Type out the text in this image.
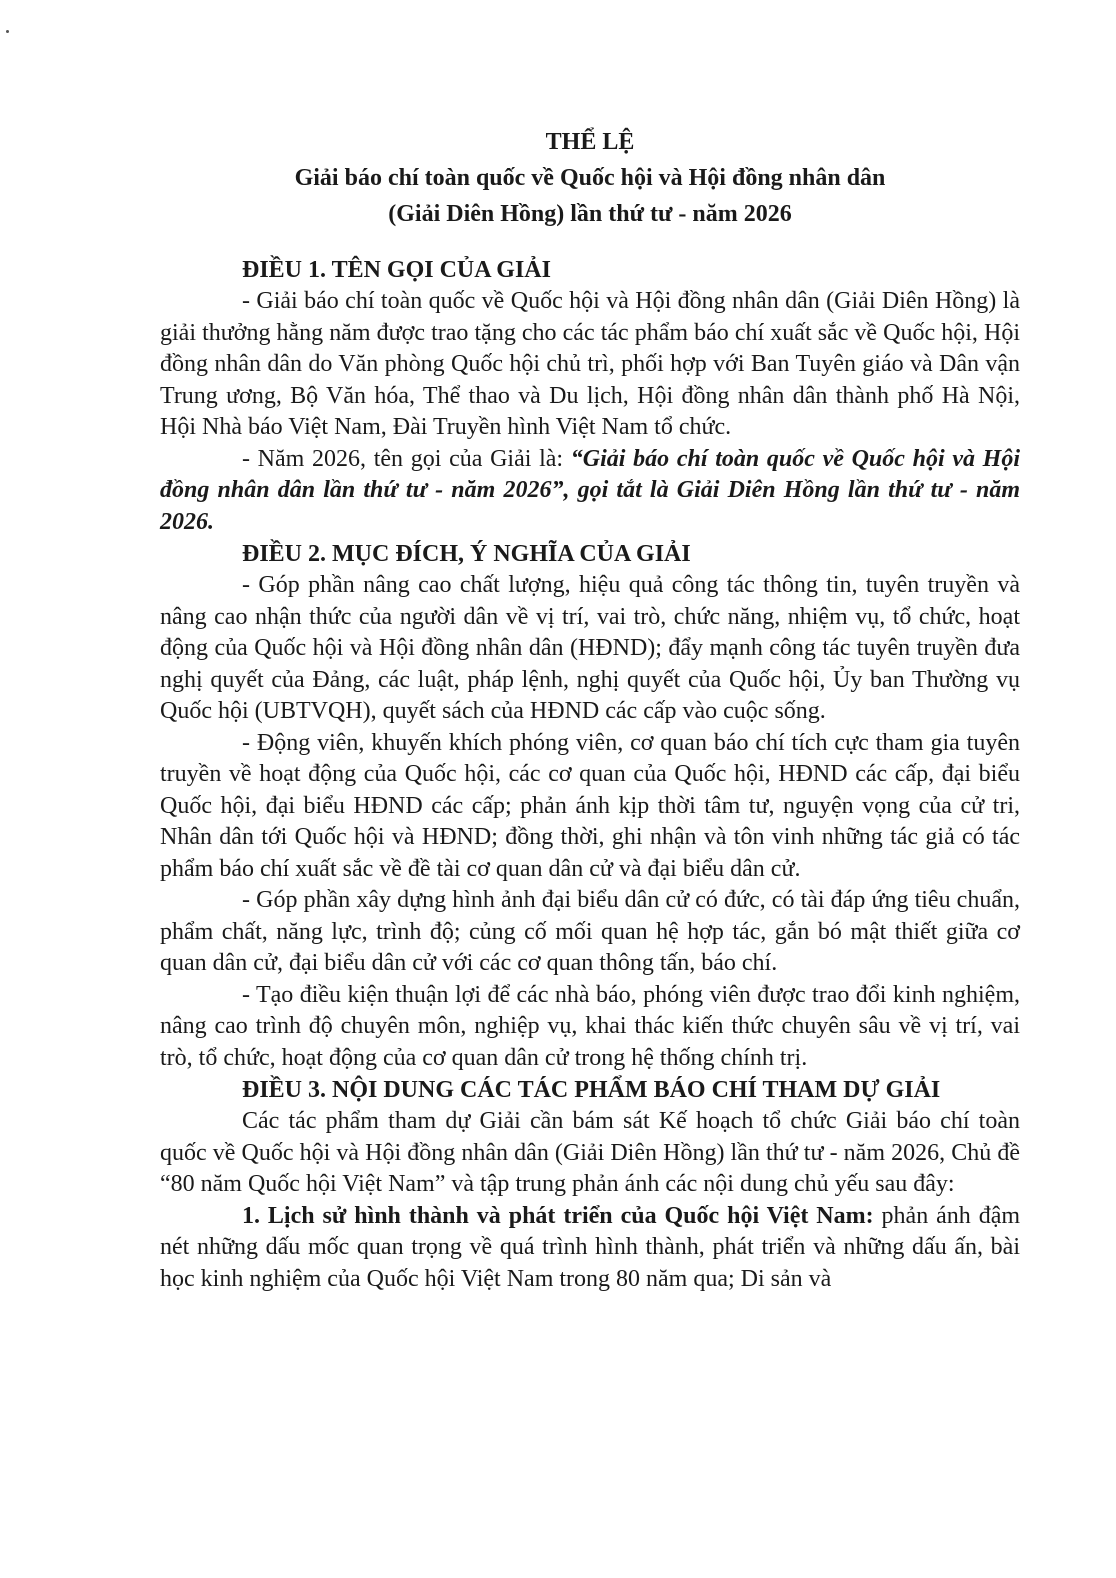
THỂ LỆ
Giải báo chí toàn quốc về Quốc hội và Hội đồng nhân dân
(Giải Diên Hồng) lần thứ tư - năm 2026
ĐIỀU 1. TÊN GỌI CỦA GIẢI

- Giải báo chí toàn quốc về Quốc hội và Hội đồng nhân dân (Giải Diên Hồng) là giải thưởng hằng năm được trao tặng cho các tác phẩm báo chí xuất sắc về Quốc hội, Hội đồng nhân dân do Văn phòng Quốc hội chủ trì, phối hợp với Ban Tuyên giáo và Dân vận Trung ương, Bộ Văn hóa, Thể thao và Du lịch, Hội đồng nhân dân thành phố Hà Nội, Hội Nhà báo Việt Nam, Đài Truyền hình Việt Nam tổ chức.

- Năm 2026, tên gọi của Giải là: “Giải báo chí toàn quốc về Quốc hội và Hội đồng nhân dân lần thứ tư - năm 2026”, gọi tắt là Giải Diên Hồng lần thứ tư - năm 2026.

ĐIỀU 2. MỤC ĐÍCH, Ý NGHĨA CỦA GIẢI

- Góp phần nâng cao chất lượng, hiệu quả công tác thông tin, tuyên truyền và nâng cao nhận thức của người dân về vị trí, vai trò, chức năng, nhiệm vụ, tổ chức, hoạt động của Quốc hội và Hội đồng nhân dân (HĐND); đẩy mạnh công tác tuyên truyền đưa nghị quyết của Đảng, các luật, pháp lệnh, nghị quyết của Quốc hội, Ủy ban Thường vụ Quốc hội (UBTVQH), quyết sách của HĐND các cấp vào cuộc sống.

- Động viên, khuyến khích phóng viên, cơ quan báo chí tích cực tham gia tuyên truyền về hoạt động của Quốc hội, các cơ quan của Quốc hội, HĐND các cấp, đại biểu Quốc hội, đại biểu HĐND các cấp; phản ánh kịp thời tâm tư, nguyện vọng của cử tri, Nhân dân tới Quốc hội và HĐND; đồng thời, ghi nhận và tôn vinh những tác giả có tác phẩm báo chí xuất sắc về đề tài cơ quan dân cử và đại biểu dân cử.

- Góp phần xây dựng hình ảnh đại biểu dân cử có đức, có tài đáp ứng tiêu chuẩn, phẩm chất, năng lực, trình độ; củng cố mối quan hệ hợp tác, gắn bó mật thiết giữa cơ quan dân cử, đại biểu dân cử với các cơ quan thông tấn, báo chí.

- Tạo điều kiện thuận lợi để các nhà báo, phóng viên được trao đổi kinh nghiệm, nâng cao trình độ chuyên môn, nghiệp vụ, khai thác kiến thức chuyên sâu về vị trí, vai trò, tổ chức, hoạt động của cơ quan dân cử trong hệ thống chính trị.

ĐIỀU 3. NỘI DUNG CÁC TÁC PHẨM BÁO CHÍ THAM DỰ GIẢI

Các tác phẩm tham dự Giải cần bám sát Kế hoạch tổ chức Giải báo chí toàn quốc về Quốc hội và Hội đồng nhân dân (Giải Diên Hồng) lần thứ tư - năm 2026, Chủ đề “80 năm Quốc hội Việt Nam” và tập trung phản ánh các nội dung chủ yếu sau đây:

1. Lịch sử hình thành và phát triển của Quốc hội Việt Nam: phản ánh đậm nét những dấu mốc quan trọng về quá trình hình thành, phát triển và những dấu ấn, bài học kinh nghiệm của Quốc hội Việt Nam trong 80 năm qua; Di sản và
